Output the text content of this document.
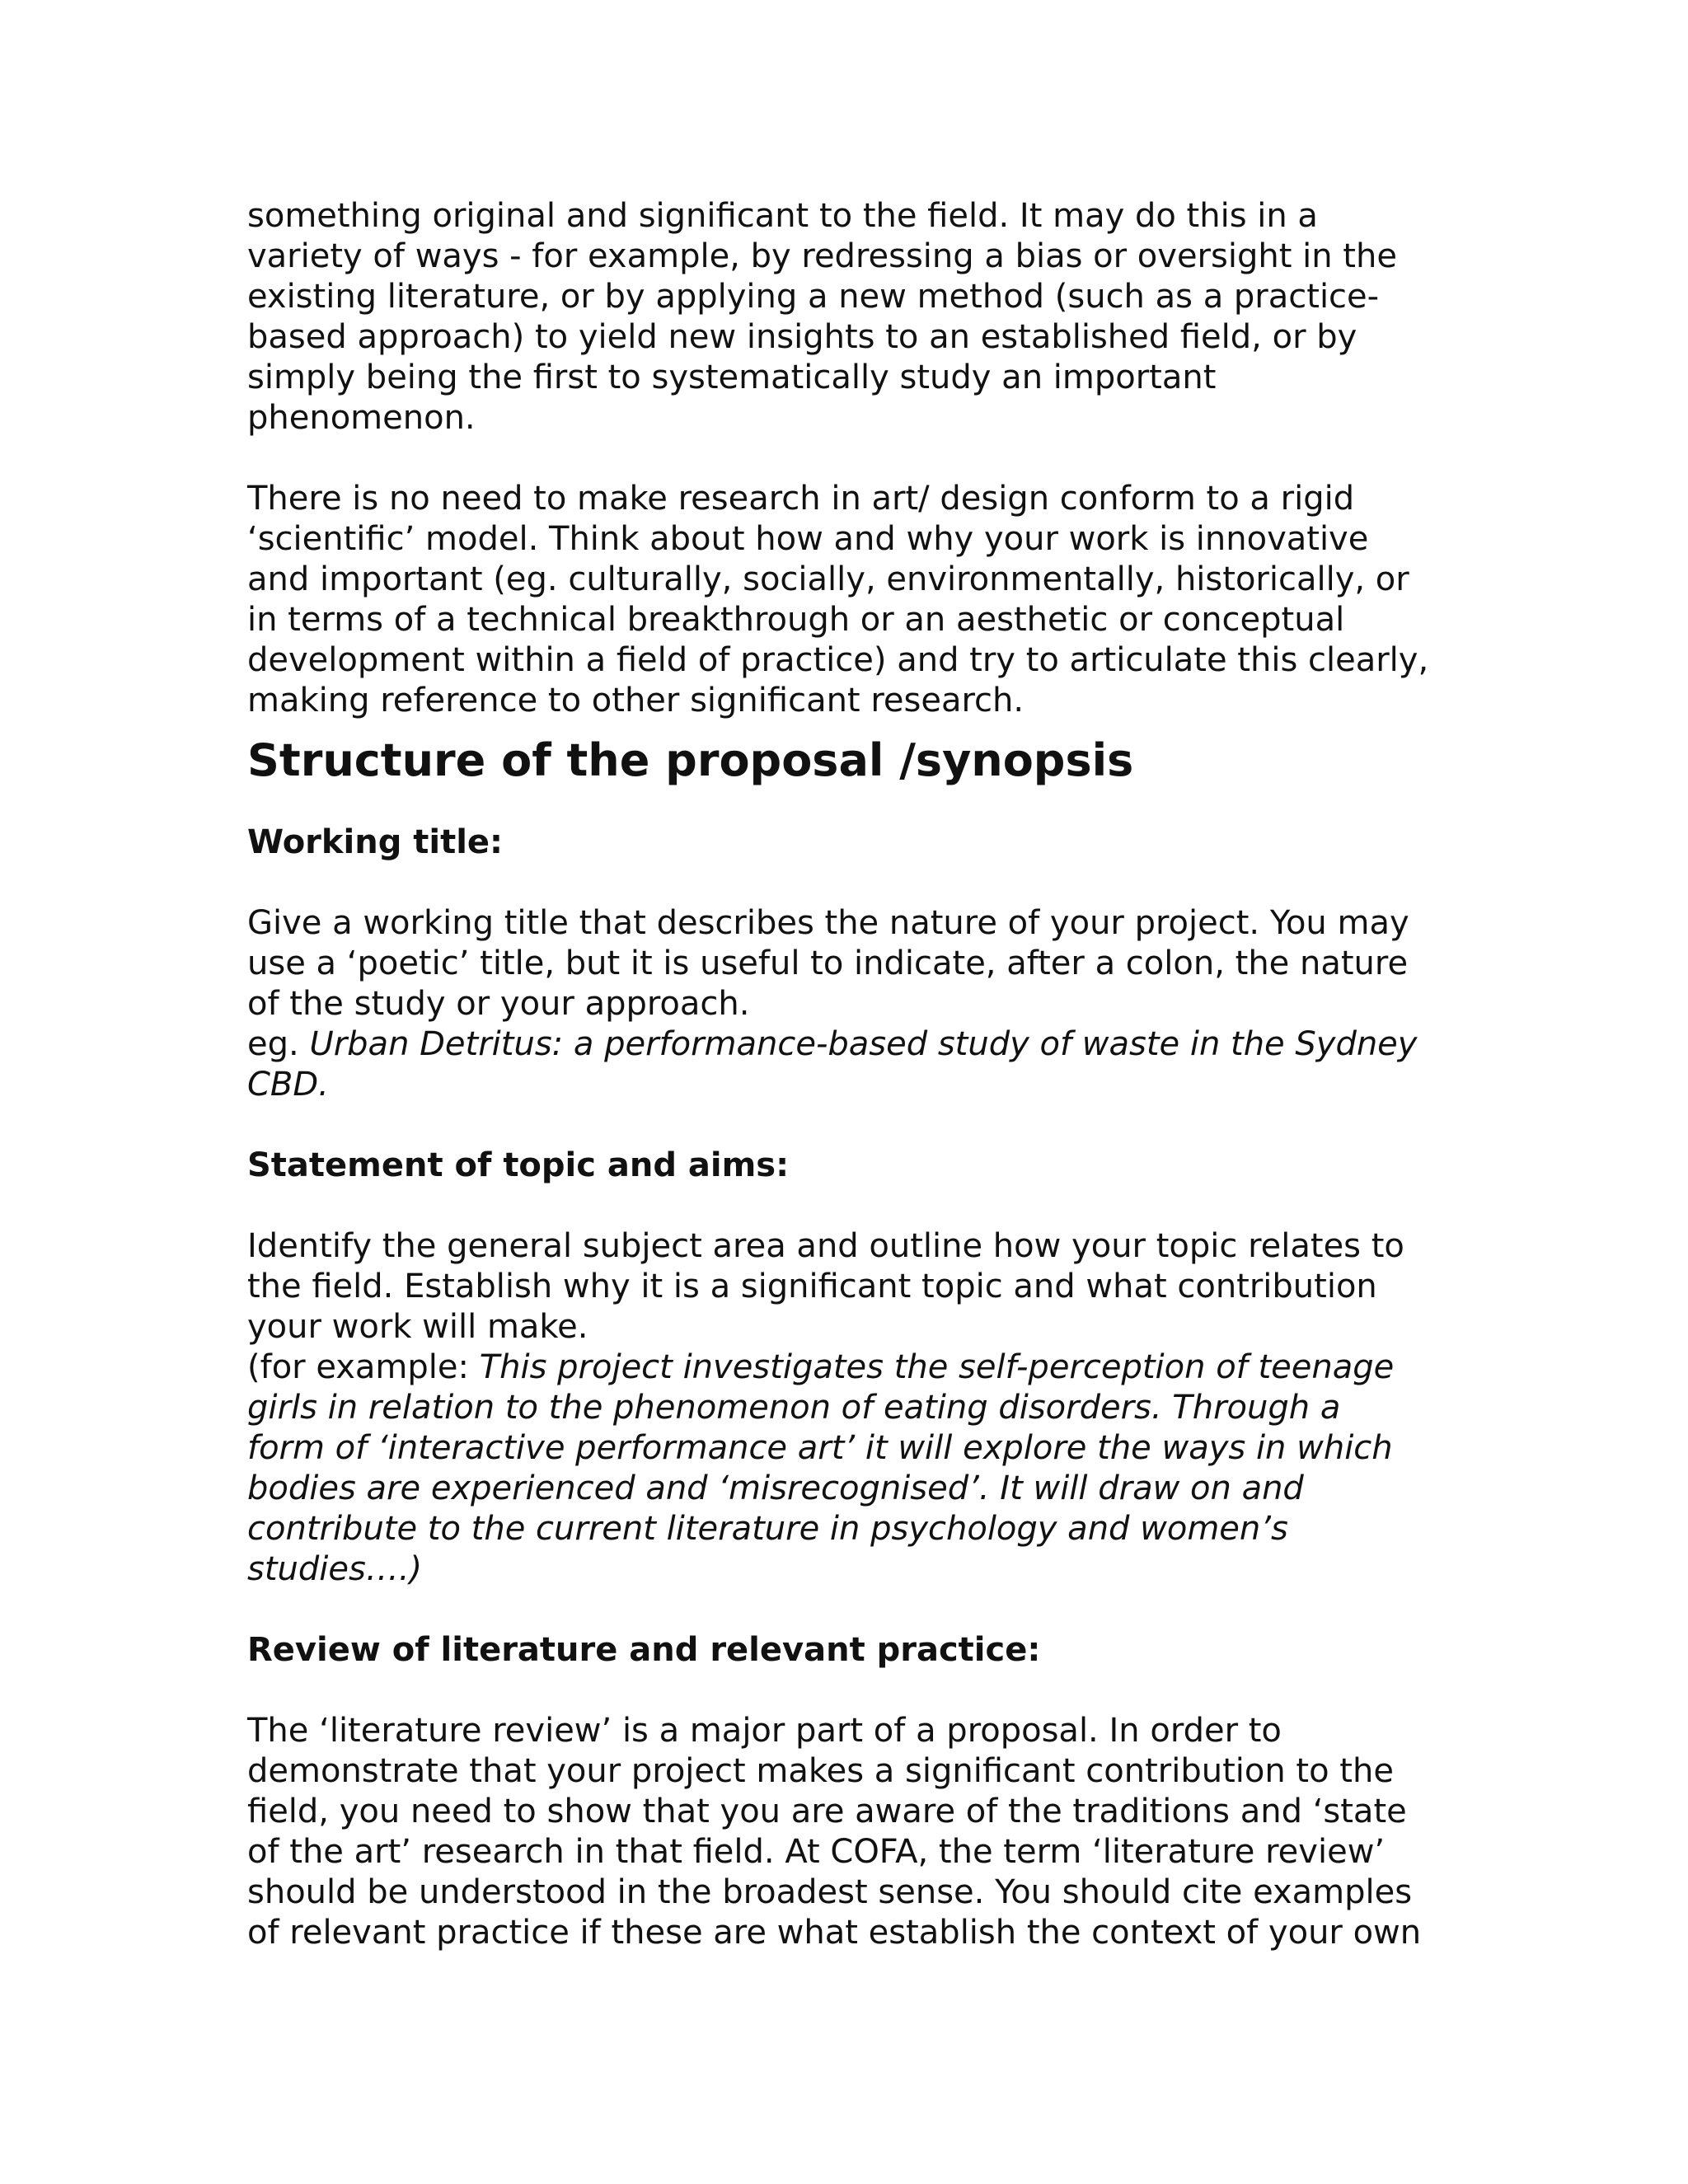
something original and significant to the field. It may do this in a
variety of ways - for example, by redressing a bias or oversight in the
existing literature, or by applying a new method (such as a practice-
based approach) to yield new insights to an established field, or by
simply being the first to systematically study an important
phenomenon.
There is no need to make research in art/ design conform to a rigid
‘scientific’ model. Think about how and why your work is innovative
and important (eg. culturally, socially, environmentally, historically, or
in terms of a technical breakthrough or an aesthetic or conceptual
development within a field of practice) and try to articulate this clearly,
making reference to other significant research.
Structure of the proposal /synopsis
Working title:
Give a working title that describes the nature of your project. You may
use a ‘poetic’ title, but it is useful to indicate, after a colon, the nature
of the study or your approach.
eg. Urban Detritus: a performance-based study of waste in the Sydney
CBD.
Statement of topic and aims:
Identify the general subject area and outline how your topic relates to
the field. Establish why it is a significant topic and what contribution
your work will make.
(for example: This project investigates the self-perception of teenage
girls in relation to the phenomenon of eating disorders. Through a
form of ‘interactive performance art’ it will explore the ways in which
bodies are experienced and ‘misrecognised’. It will draw on and
contribute to the current literature in psychology and women’s
studies….)
Review of literature and relevant practice:
The ‘literature review’ is a major part of a proposal. In order to
demonstrate that your project makes a significant contribution to the
field, you need to show that you are aware of the traditions and ‘state
of the art’ research in that field. At COFA, the term ‘literature review’
should be understood in the broadest sense. You should cite examples
of relevant practice if these are what establish the context of your own
